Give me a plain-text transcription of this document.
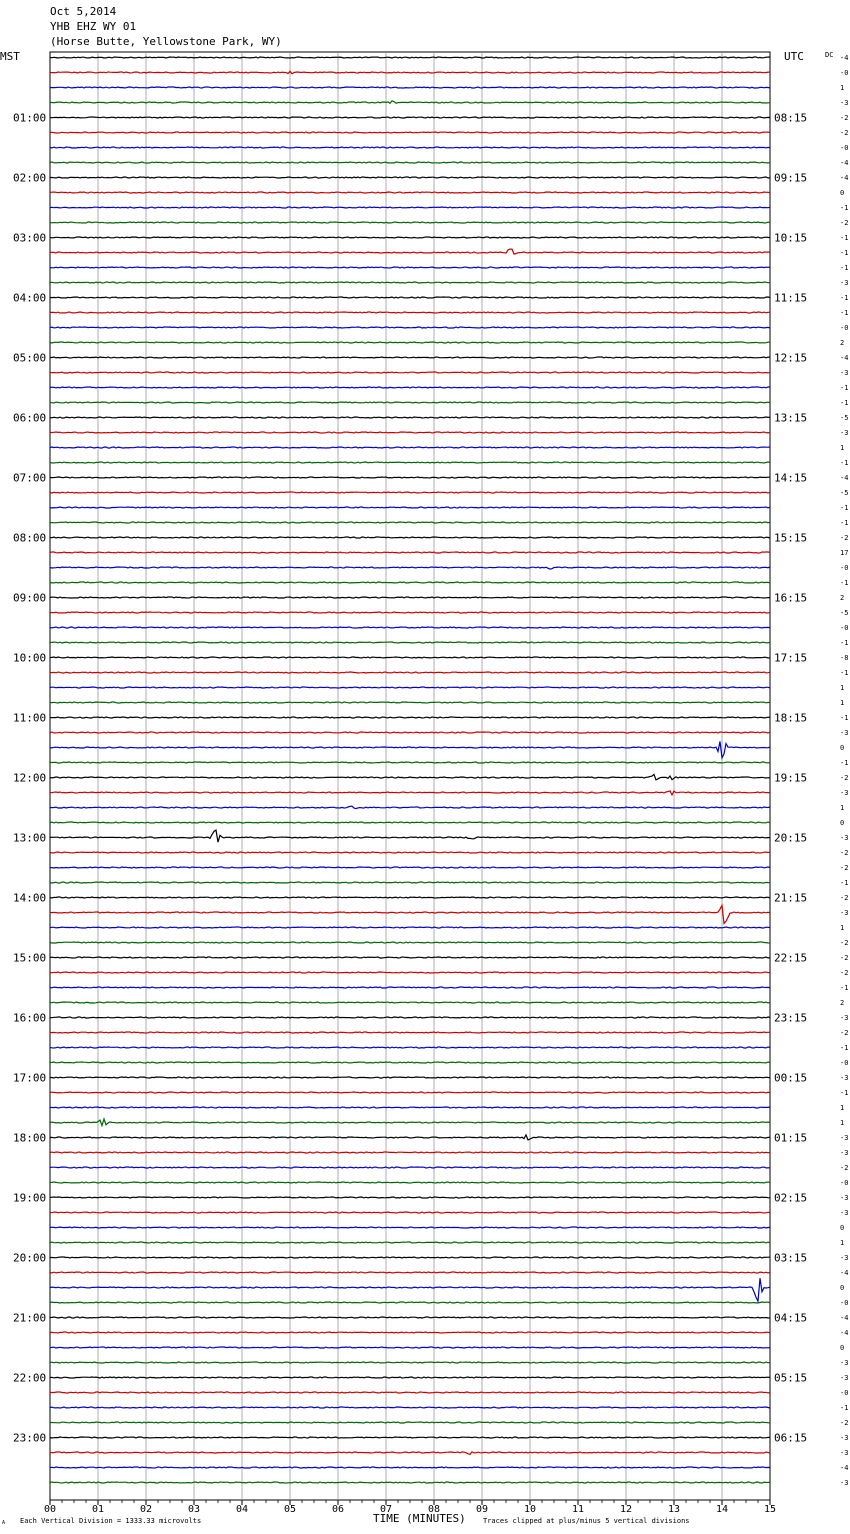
Oct 5,2014
YHB EHZ WY 01
(Horse Butte, Yellowstone Park, WY)
01:00
02:00
03:00
04:00
05:00
06:00
07:00
08:00
09:00
10:00
11:00
12:00
13:00
14:00
15:00
16:00
17:00
18:00
19:00
20:00
21:00
22:00
23:00
08:15
09:15
10:15
11:15
12:15
13:15
14:15
15:15
16:15
17:15
18:15
19:15
20:15
21:15
22:15
23:15
00:15
01:15
02:15
03:15
04:15
05:15
06:15
-4
-0
1
-3
-2
-2
-0
-4
-4
0
-1
-2
-1
-1
-1
-3
-1
-1
-0
2
-4
-3
-1
-1
-5
-3
1
-1
-4
-5
-1
-1
-2
17
-0
-1
2
-5
-0
-1
-8
-1
1
1
-1
-3
0
-1
-2
-3
1
0
-3
-2
-2
-1
-2
-3
1
-2
-2
-2
-1
2
-3
-2
-1
-0
-3
-1
1
1
-3
-3
-2
-0
-3
-3
0
1
-3
-4
0
-0
-4
-4
0
-3
-3
-0
-1
-2
-3
-3
-4
-3
00	01	02	03	04	05	06	07	08	09	10	11	12	13	14	15
MST	UTC	DC
TIME (MINUTES)
Each Vertical Division = 1333.33 microvolts	Traces clipped at plus/minus 5 vertical divisions
A
